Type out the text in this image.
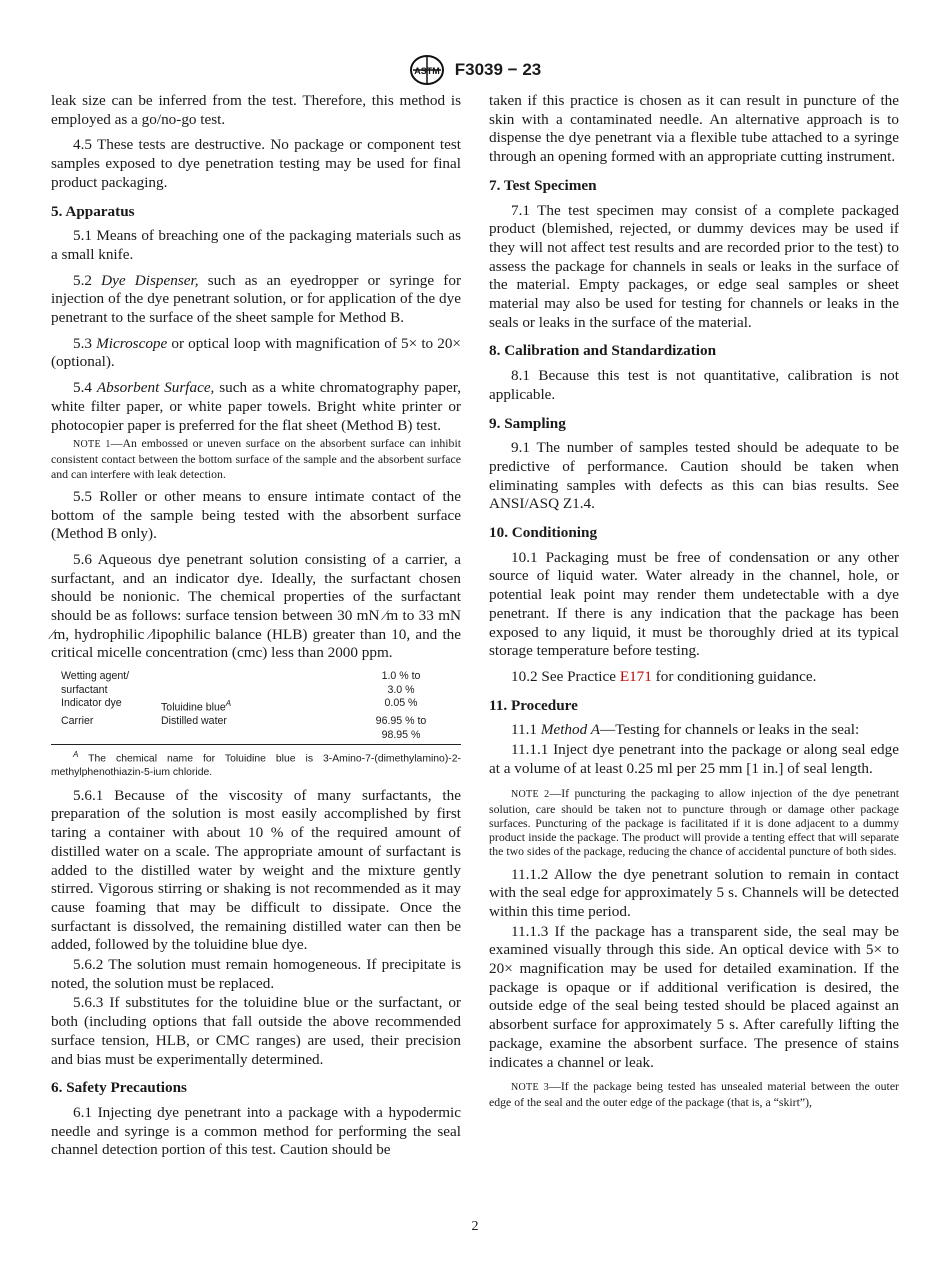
ASTM F3039 − 23

leak size can be inferred from the test. Therefore, this method is employed as a go/no-go test.

4.5 These tests are destructive. No package or component test samples exposed to dye penetration testing may be used for final product packaging.

5. Apparatus

5.1 Means of breaching one of the packaging materials such as a small knife.

5.2 Dye Dispenser, such as an eyedropper or syringe for injection of the dye penetrant solution, or for application of the dye penetrant to the surface of the sheet sample for Method B.

5.3 Microscope or optical loop with magnification of 5× to 20× (optional).

5.4 Absorbent Surface, such as a white chromatography paper, white filter paper, or white paper towels. Bright white printer or photocopier paper is preferred for the flat sheet (Method B) test.

NOTE 1—An embossed or uneven surface on the absorbent surface can inhibit consistent contact between the bottom surface of the sample and the absorbent surface and can interfere with leak detection.

5.5 Roller or other means to ensure intimate contact of the bottom of the sample being tested with the absorbent surface (Method B only).

5.6 Aqueous dye penetrant solution consisting of a carrier, a surfactant, and an indicator dye. Ideally, the surfactant chosen should be nonionic. The chemical properties of the surfactant should be as follows: surface tension between 30 mN ⁄m to 33 mN ⁄m, hydrophilic ⁄lipophilic balance (HLB) greater than 10, and the critical micelle concentration (cmc) less than 2000 ppm.

Wetting agent/		1.0 % to
surfactant		3.0 %
Indicator dye	Toluidine blue$^A$	0.05 %
Carrier	Distilled water	96.95 % to
		98.95 %

$^A$ The chemical name for Toluidine blue is 3-Amino-7-(dimethylamino)-2-methylphenothiazin-5-ium chloride.

5.6.1 Because of the viscosity of many surfactants, the preparation of the solution is most easily accomplished by first taring a container with about 10 % of the required amount of distilled water on a scale. The appropriate amount of surfactant is added to the distilled water by weight and the mixture gently stirred. Vigorous stirring or shaking is not recommended as it may cause foaming that may be difficult to dissipate. Once the surfactant is dissolved, the remaining distilled water can then be added, followed by the toluidine blue dye.

5.6.2 The solution must remain homogeneous. If precipitate is noted, the solution must be replaced.

5.6.3 If substitutes for the toluidine blue or the surfactant, or both (including options that fall outside the above recommended surface tension, HLB, or CMC ranges) are used, their precision and bias must be experimentally determined.

6. Safety Precautions

6.1 Injecting dye penetrant into a package with a hypodermic needle and syringe is a common method for performing the seal channel detection portion of this test. Caution should be

taken if this practice is chosen as it can result in puncture of the skin with a contaminated needle. An alternative approach is to dispense the dye penetrant via a flexible tube attached to a syringe through an opening formed with an appropriate cutting instrument.

7. Test Specimen

7.1 The test specimen may consist of a complete packaged product (blemished, rejected, or dummy devices may be used if they will not affect test results and are recorded prior to the test) to assess the package for channels in seals or leaks in the surface of the material. Empty packages, or edge seal samples or sheet material may also be used for testing for channels or leaks in the seals or leaks in the surface of the material.

8. Calibration and Standardization

8.1 Because this test is not quantitative, calibration is not applicable.

9. Sampling

9.1 The number of samples tested should be adequate to be predictive of performance. Caution should be taken when eliminating samples with defects as this can bias results. See ANSI/ASQ Z1.4.

10. Conditioning

10.1 Packaging must be free of condensation or any other source of liquid water. Water already in the channel, hole, or potential leak point may render them undetectable with a dye penetrant. If there is any indication that the package has been exposed to any liquid, it must be thoroughly dried at its typical storage temperature before testing.

10.2 See Practice E171 for conditioning guidance.

11. Procedure

11.1 Method A—Testing for channels or leaks in the seal:

11.1.1 Inject dye penetrant into the package or along seal edge at a volume of at least 0.25 ml per 25 mm [1 in.] of seal length.

NOTE 2—If puncturing the packaging to allow injection of the dye penetrant solution, care should be taken not to puncture through or damage other package surfaces. Puncturing of the package is facilitated if it is done adjacent to a dummy product inside the package. The product will provide a tenting effect that will separate the two sides of the package, reducing the chance of accidental puncture of both sides.

11.1.2 Allow the dye penetrant solution to remain in contact with the seal edge for approximately 5 s. Channels will be detected within this time period.

11.1.3 If the package has a transparent side, the seal may be examined visually through this side. An optical device with 5× to 20× magnification may be used for detailed examination. If the package is opaque or if additional verification is desired, the outside edge of the seal being tested should be placed against an absorbent surface for approximately 5 s. After carefully lifting the package, examine the absorbent surface. The presence of stains indicates a channel or leak.

NOTE 3—If the package being tested has unsealed material between the outer edge of the seal and the outer edge of the package (that is, a “skirt”),

2
